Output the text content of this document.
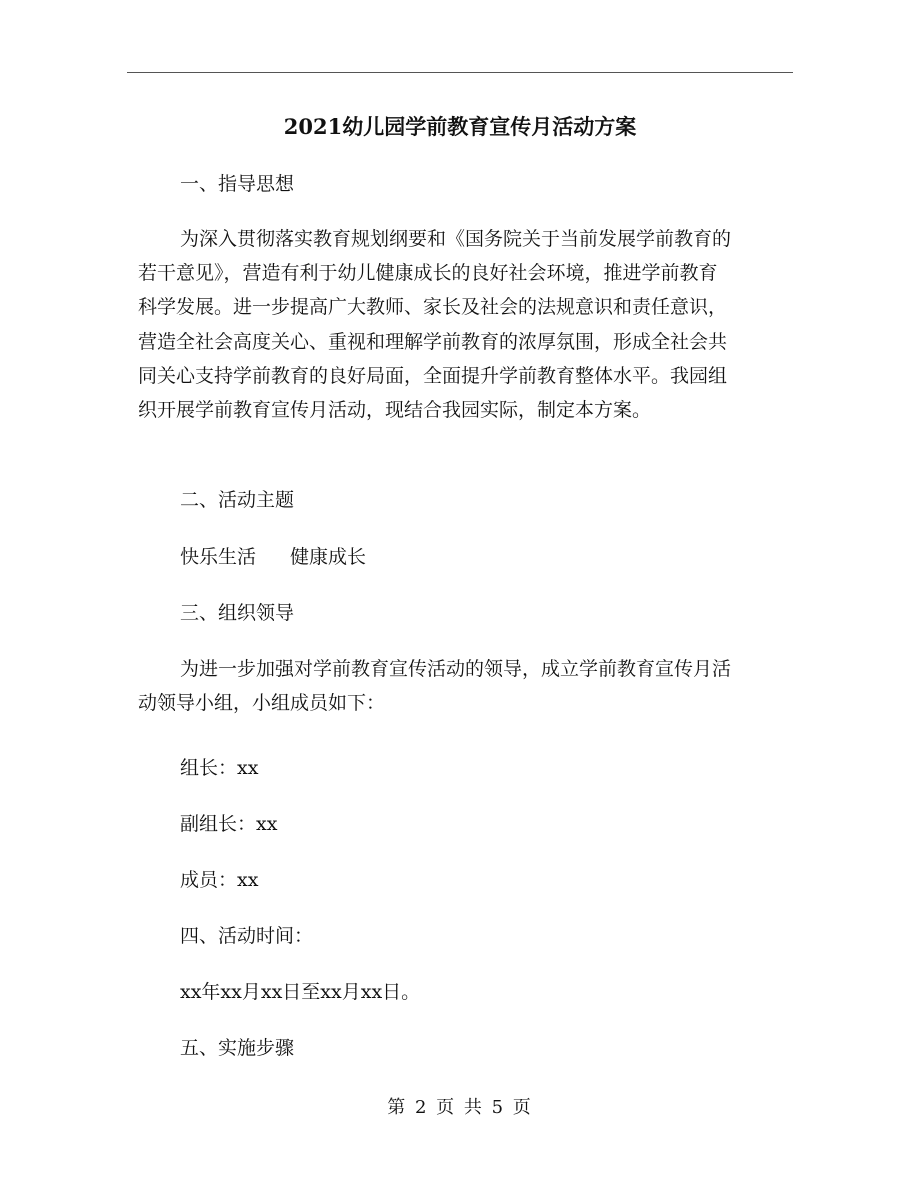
2021幼儿园学前教育宣传月活动方案
一、指导思想
为深入贯彻落实教育规划纲要和《国务院关于当前发展学前教育的
若干意见》，营造有利于幼儿健康成长的良好社会环境，推进学前教育
科学发展。进一步提高广大教师、家长及社会的法规意识和责任意识，
营造全社会高度关心、重视和理解学前教育的浓厚氛围，形成全社会共
同关心支持学前教育的良好局面，全面提升学前教育整体水平。我园组
织开展学前教育宣传月活动，现结合我园实际，制定本方案。
二、活动主题
快乐生活 健康成长
三、组织领导
为进一步加强对学前教育宣传活动的领导，成立学前教育宣传月活
动领导小组，小组成员如下：
组长：xx
副组长：xx
成员：xx
四、活动时间：
xx年xx月xx日至xx月xx日。
五、实施步骤
第 2 页 共 5 页
